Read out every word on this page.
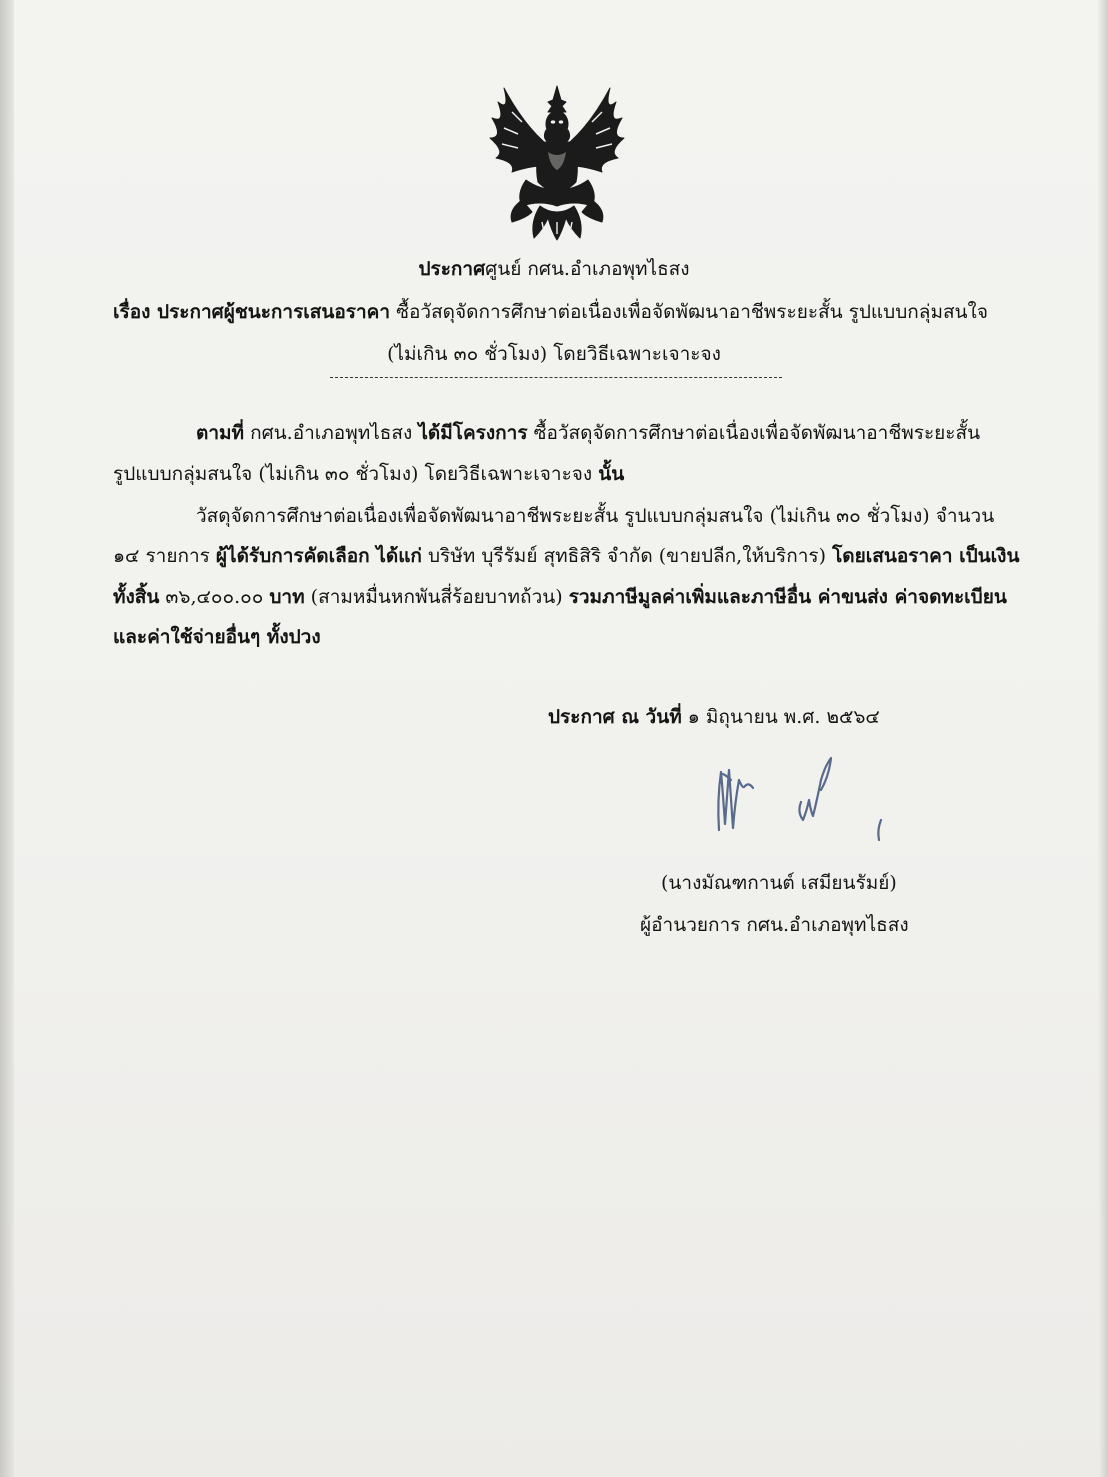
ประกาศศูนย์ กศน.อำเภอพุทไธสง
เรื่อง ประกาศผู้ชนะการเสนอราคา ซื้อวัสดุจัดการศึกษาต่อเนื่องเพื่อจัดพัฒนาอาชีพระยะสั้น รูปแบบกลุ่มสนใจ
(ไม่เกิน ๓๐ ชั่วโมง) โดยวิธีเฉพาะเจาะจง
ตามที่ กศน.อำเภอพุทไธสง ได้มีโครงการ ซื้อวัสดุจัดการศึกษาต่อเนื่องเพื่อจัดพัฒนาอาชีพระยะสั้น
รูปแบบกลุ่มสนใจ (ไม่เกิน ๓๐ ชั่วโมง) โดยวิธีเฉพาะเจาะจง นั้น
วัสดุจัดการศึกษาต่อเนื่องเพื่อจัดพัฒนาอาชีพระยะสั้น รูปแบบกลุ่มสนใจ (ไม่เกิน ๓๐ ชั่วโมง) จำนวน
๑๔ รายการ ผู้ได้รับการคัดเลือก ได้แก่ บริษัท บุรีรัมย์ สุทธิสิริ จำกัด (ขายปลีก,ให้บริการ) โดยเสนอราคา เป็นเงิน
ทั้งสิ้น ๓๖,๔๐๐.๐๐ บาท (สามหมื่นหกพันสี่ร้อยบาทถ้วน) รวมภาษีมูลค่าเพิ่มและภาษีอื่น ค่าขนส่ง ค่าจดทะเบียน
และค่าใช้จ่ายอื่นๆ ทั้งปวง
ประกาศ ณ วันที่ ๑ มิถุนายน พ.ศ. ๒๕๖๔
(นางมัณฑกานต์ เสมียนรัมย์)
ผู้อำนวยการ กศน.อำเภอพุทไธสง
